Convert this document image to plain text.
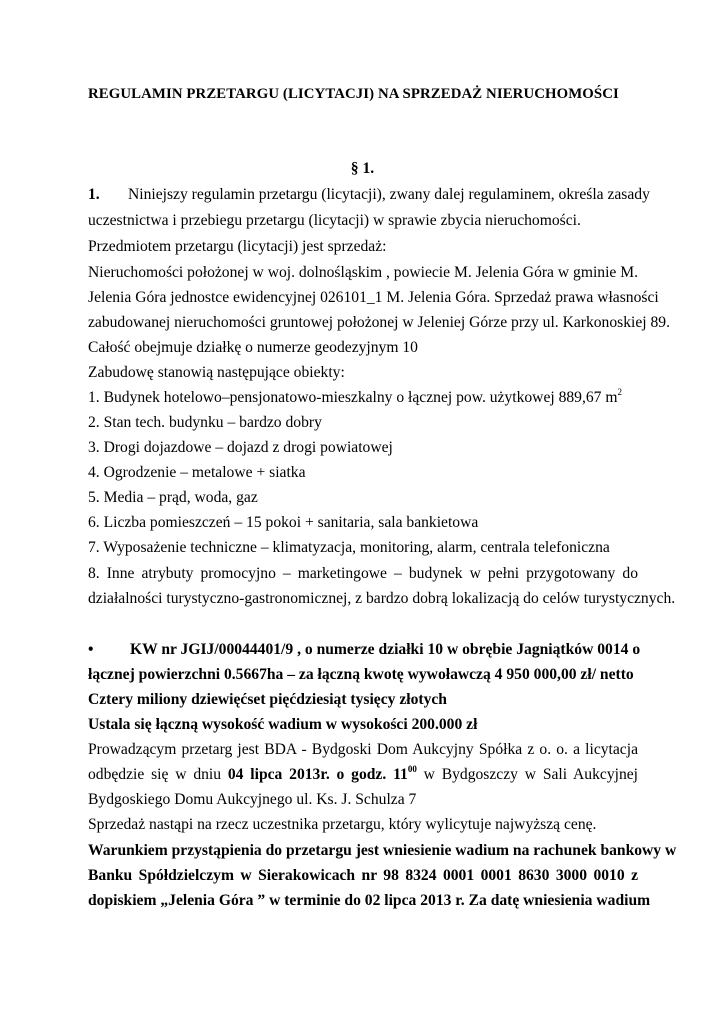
REGULAMIN PRZETARGU (LICYTACJI) NA SPRZEDAŻ NIERUCHOMOŚCI
§ 1.
1. Niniejszy regulamin przetargu (licytacji), zwany dalej regulaminem, określa zasady
uczestnictwa i przebiegu przetargu (licytacji) w sprawie zbycia nieruchomości.
Przedmiotem przetargu (licytacji) jest sprzedaż:
Nieruchomości położonej w woj. dolnośląskim , powiecie M. Jelenia Góra w gminie M.
Jelenia Góra jednostce ewidencyjnej 026101_1 M. Jelenia Góra. Sprzedaż prawa własności
zabudowanej nieruchomości gruntowej położonej w Jeleniej Górze przy ul. Karkonoskiej 89.
Całość obejmuje działkę o numerze geodezyjnym 10
Zabudowę stanowią następujące obiekty:
1. Budynek hotelowo–pensjonatowo-mieszkalny o łącznej pow. użytkowej 889,67 $m^2$
2. Stan tech. budynku – bardzo dobry
3. Drogi dojazdowe – dojazd z drogi powiatowej
4. Ogrodzenie – metalowe + siatka
5. Media – prąd, woda, gaz
6. Liczba pomieszczeń – 15 pokoi + sanitaria, sala bankietowa
7. Wyposażenie techniczne – klimatyzacja, monitoring, alarm, centrala telefoniczna
8. Inne atrybuty promocyjno – marketingowe – budynek w pełni przygotowany do
działalności turystyczno-gastronomicznej, z bardzo dobrą lokalizacją do celów turystycznych.
• KW nr JGIJ/00044401/9 , o numerze działki 10 w obrębie Jagniątków 0014 o
łącznej powierzchni 0.5667ha – za łączną kwotę wywoławczą 4 950 000,00 zł/ netto
Cztery miliony dziewięćset pięćdziesiąt tysięcy złotych
Ustala się łączną wysokość wadium w wysokości 200.000 zł
Prowadzącym przetarg jest BDA - Bydgoski Dom Aukcyjny Spółka z o. o. a licytacja
odbędzie się w dniu 04 lipca 2013r. o godz. $11^{00}$ w Bydgoszczy w Sali Aukcyjnej
Bydgoskiego Domu Aukcyjnego ul. Ks. J. Schulza 7
Sprzedaż nastąpi na rzecz uczestnika przetargu, który wylicytuje najwyższą cenę.
Warunkiem przystąpienia do przetargu jest wniesienie wadium na rachunek bankowy w
Banku Spółdzielczym w Sierakowicach nr 98 8324 0001 0001 8630 3000 0010 z
dopiskiem „Jelenia Góra ” w terminie do 02 lipca 2013 r. Za datę wniesienia wadium
